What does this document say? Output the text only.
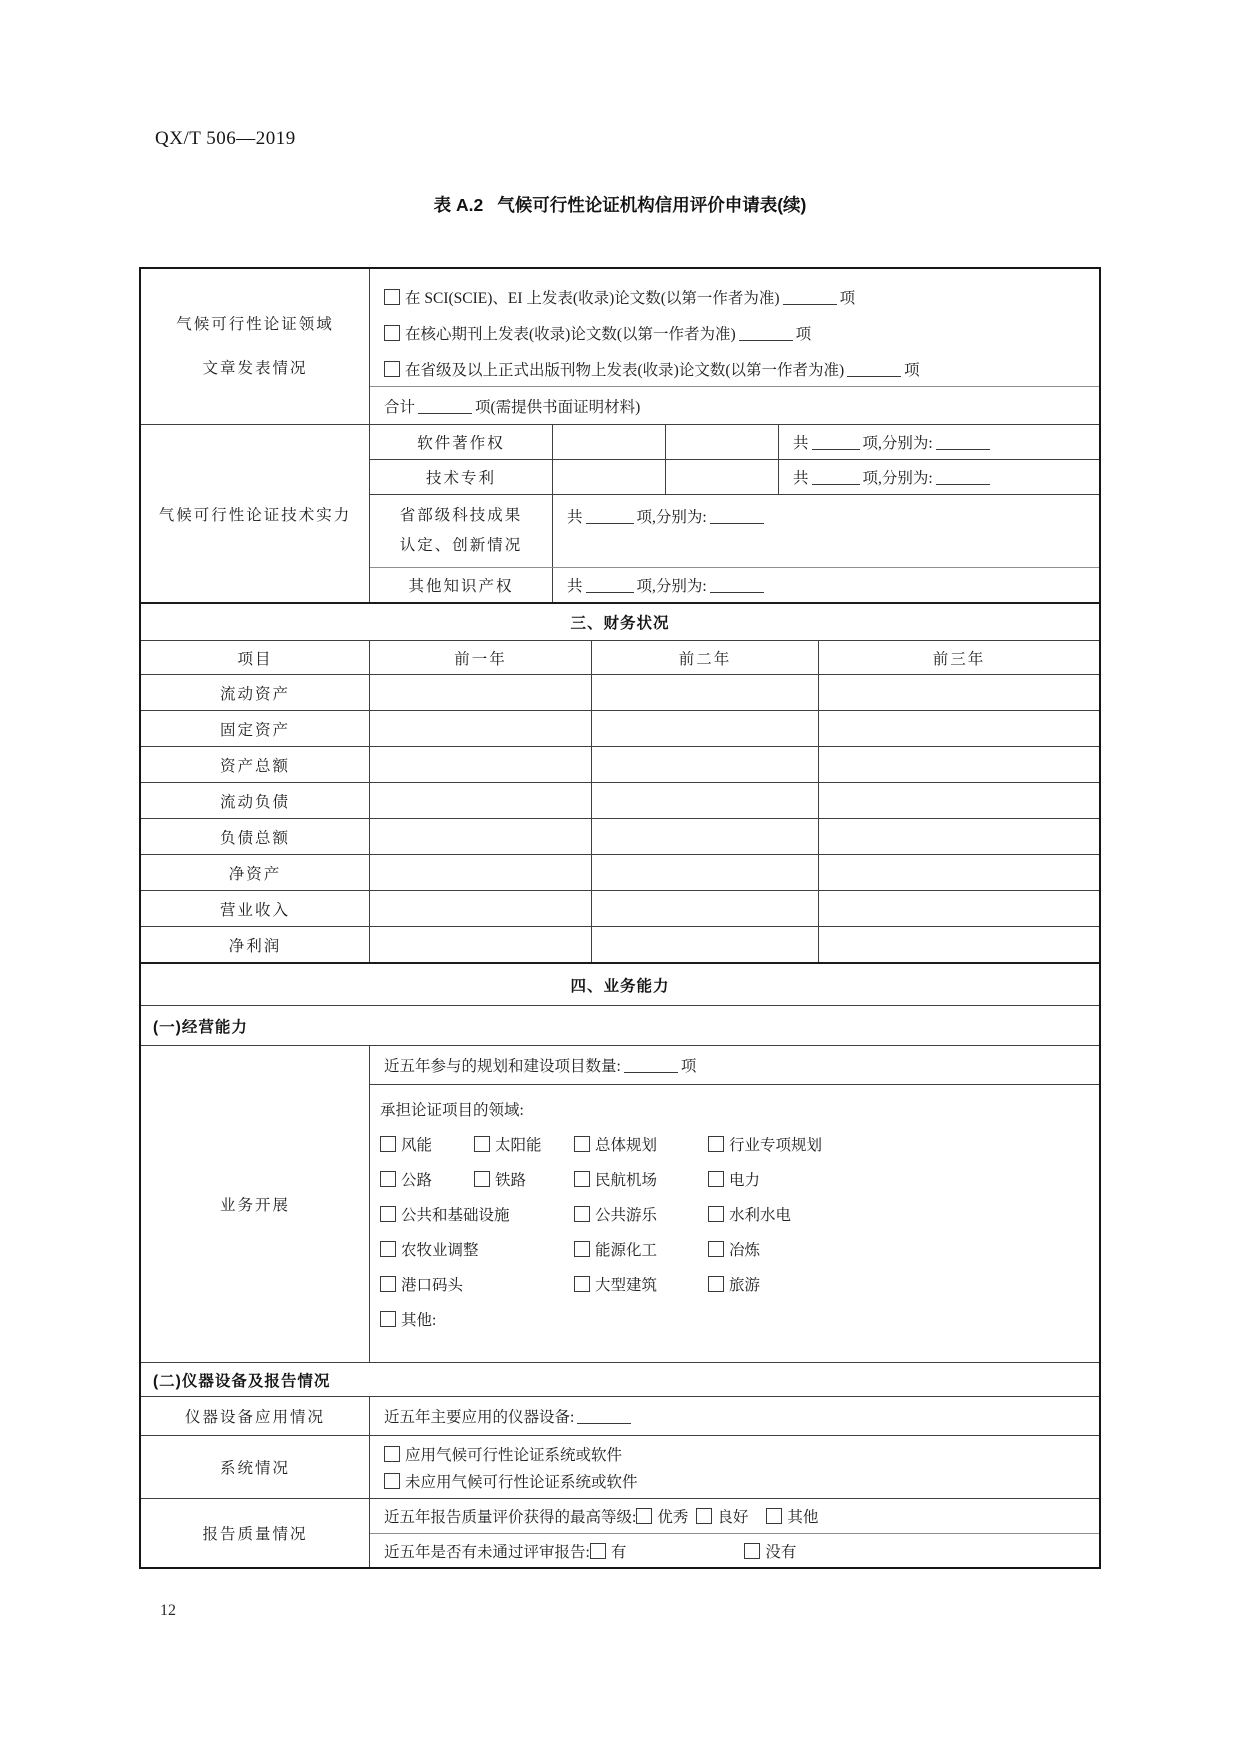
QX/T 506—2019
表 A.2 气候可行性论证机构信用评价申请表(续)
气候可行性论证领域
文章发表情况
在 SCI(SCIE)、EI 上发表(收录)论文数(以第一作者为准)	项
在核心期刊上发表(收录)论文数(以第一作者为准)	项
在省级及以上正式出版刊物上发表(收录)论文数(以第一作者为准)	项
合计	项(需提供书面证明材料)
气候可行性论证技术实力
软件著作权	共	项,分别为:
技术专利	共	项,分别为:
省部级科技成果
认定、创新情况
共	项,分别为:
其他知识产权	共	项,分别为:
三、财务状况
项目	前一年	前二年	前三年
流动资产
固定资产
资产总额
流动负债
负债总额
净资产
营业收入
净利润
四、业务能力
(一)经营能力
业务开展
近五年参与的规划和建设项目数量:	项
承担论证项目的领域:
风能	太阳能	总体规划	行业专项规划
公路	铁路	民航机场	电力
公共和基础设施	公共游乐	水利水电
农牧业调整	能源化工	冶炼
港口码头	大型建筑	旅游
其他:
(二)仪器设备及报告情况
仪器设备应用情况	近五年主要应用的仪器设备:
系统情况
应用气候可行性论证系统或软件
未应用气候可行性论证系统或软件
报告质量情况
近五年报告质量评价获得的最高等级: 优秀 良好	其他
近五年是否有未通过评审报告: 有	没有
12
